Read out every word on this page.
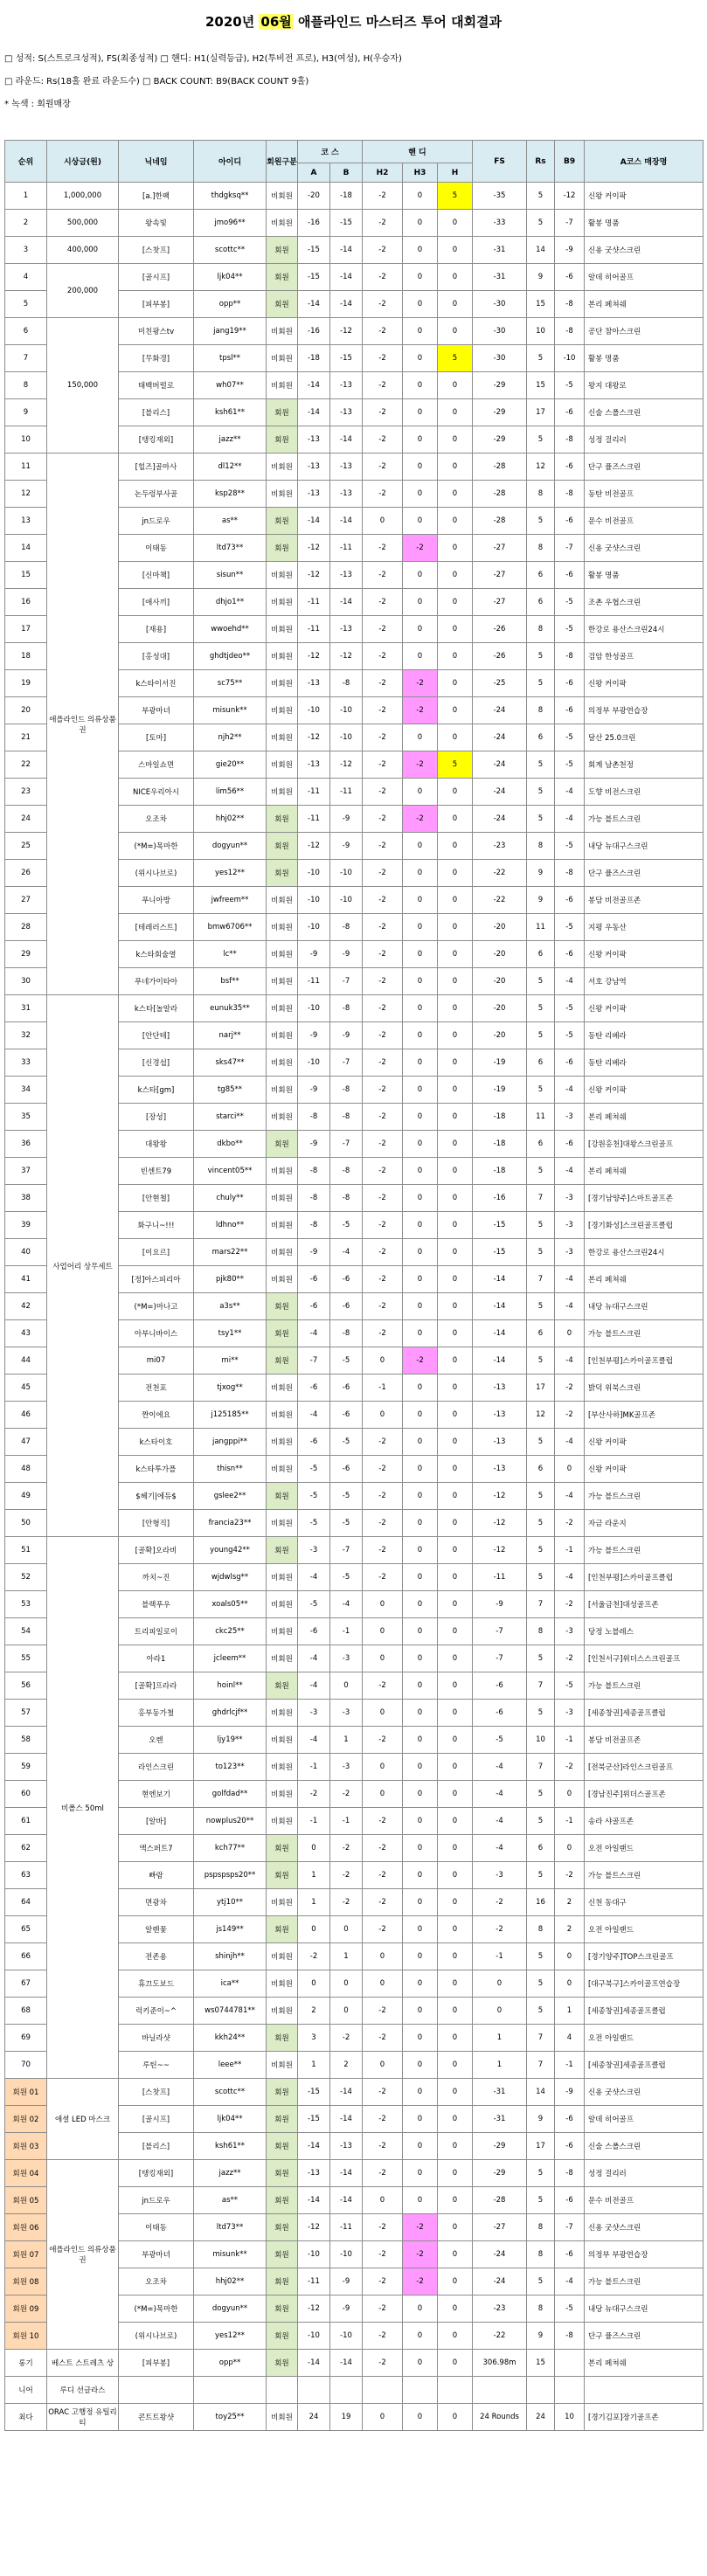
2020년 06월 애플라인드 마스터즈 투어 대회결과
□ 성적: S(스트로크성적), FS(최종성적) □ 핸디: H1(실력등급), H2(투비전 프로), H3(여성), H(우승자)
□ 라운드: Rs(18홀 완료 라운드수) □ BACK COUNT: B9(BACK COUNT 9홀)
* 녹색 : 회원매장
순위	시상금(원)	닉네임	아이디	회원구분	코 스		핸 디			FS	Rs	B9	A코스 매장명
					A	B	H2	H3	H				
1	1,000,000	[a.]한팩	thdgksq**	비회원	-20	-18	-2	0	5	-35	5	-12	신왕 커이팍
2	500,000	왕속빛	jmo96**	비회원	-16	-15	-2	0	0	-33	5	-7	활봉 명품
3	400,000	[스찻프]	scottc**	회원	-15	-14	-2	0	0	-31	14	-9	신용 굿샷스크린
4	200,000	[골시프]	ljk04**	회원	-15	-14	-2	0	0	-31	9	-6	알데 히어골프
5		[피부봉]	opp**	회원	-14	-14	-2	0	0	-30	15	-8	본리 페쳐쉐
6	150,000	미친팡스tv	jang19**	비회원	-16	-12	-2	0	0	-30	10	-8	공단 참아스크린
7		[무화경]	tpsl**	비회원	-18	-15	-2	0	5	-30	5	-10	활봉 명품
8		태백버럴로	wh07**	비회원	-14	-13	-2	0	0	-29	15	-5	왕지 대왕로
9		[블리스]	ksh61**	회원	-14	-13	-2	0	0	-29	17	-6	신술 스폴스크린
10		[탱킹재외]	jazz**	회원	-13	-14	-2	0	0	-29	5	-8	성정 걸리러
11	애플라인드 의류상품권	[힐즈]골마사	dl12**	비회원	-13	-13	-2	0	0	-28	12	-6	단구 퓰즈스크린
12		논두렁부사골	ksp28**	비회원	-13	-13	-2	0	0	-28	8	-8	동탄 비전골프
13		jn드로우	as**	회원	-14	-14	0	0	0	-28	5	-6	문수 비전골프
14		이태동	ltd73**	회원	-12	-11	-2	-2	0	-27	8	-7	신용 굿샷스크린
15		[신마책]	sisun**	비회원	-12	-13	-2	0	0	-27	6	-6	활봉 명품
16		[애사끼]	dhjo1**	비회원	-11	-14	-2	0	0	-27	6	-5	조촌 우협스크린
17		[재용]	wwoehd**	비회원	-11	-13	-2	0	0	-26	8	-5	한강로 용산스크린24시
18		[홍성대]	ghdtjdeo**	비회원	-12	-12	-2	0	0	-26	5	-8	검암 한성골프
19		k스타이서진	sc75**	비회원	-13	-8	-2	-2	0	-25	5	-6	신왕 커이팍
20		부광마녀	misunk**	비회원	-10	-10	-2	-2	0	-24	8	-6	의정부 부광연습장
21		[토마]	njh2**	비회원	-12	-10	-2	0	0	-24	6	-5	달산 25.0크린
22		스마일쇼면	gie20**	비회원	-13	-12	-2	-2	5	-24	5	-5	회계 남촌천정
23		NICE우리아시	lim56**	비회원	-11	-11	-2	0	0	-24	5	-4	도향 비전스크린
24		오조차	hhj02**	회원	-11	-9	-2	-2	0	-24	5	-4	가능 블트스크린
25		(*M=)목마한	dogyun**	회원	-12	-9	-2	0	0	-23	8	-5	내당 뉴대구스크린
26		(위시나브로)	yes12**	회원	-10	-10	-2	0	0	-22	9	-8	단구 퓰즈스크린
27		푸니아방	jwfreem**	비회원	-10	-10	-2	0	0	-22	9	-6	봉담 비전골프존
28		[테레러스트]	bmw6706**	비회원	-10	-8	-2	0	0	-20	11	-5	지평 우동산
29		k스타회술열	lc**	비회원	-9	-9	-2	0	0	-20	6	-6	신왕 커이팍
30		푸네가이타아	bsf**	비회원	-11	-7	-2	0	0	-20	5	-4	서호 강남역
31	사업어리 상무세트	k스타[놀알라	eunuk35**	비회원	-10	-8	-2	0	0	-20	5	-5	신왕 커이팍
32		[안단테]	narj**	비회원	-9	-9	-2	0	0	-20	5	-5	동탄 리베라
33		[신경섭]	sks47**	비회원	-10	-7	-2	0	0	-19	6	-6	동탄 리베라
34		k스타[gm]	tg85**	비회원	-9	-8	-2	0	0	-19	5	-4	신왕 커이팍
35		[장성]	starci**	비회원	-8	-8	-2	0	0	-18	11	-3	본리 페쳐쉐
36		대왕왕	dkbo**	회원	-9	-7	-2	0	0	-18	6	-6	[강원홍천]대왕스크린골프
37		빈센트79	vincent05**	비회원	-8	-8	-2	0	0	-18	5	-4	본리 페쳐쉐
38		[안현철]	chuly**	비회원	-8	-8	-2	0	0	-16	7	-3	[경기남양주]스마트골프존
39		화구니~!!!	ldhno**	비회원	-8	-5	-2	0	0	-15	5	-3	[경기화성]스크린골프클럽
40		[이요르]	mars22**	비회원	-9	-4	-2	0	0	-15	5	-3	한강로 용산스크린24시
41		[정]아스피리아	pjk80**	비회원	-6	-6	-2	0	0	-14	7	-4	본리 페쳐쉐
42		(*M=)마나고	a3s**	회원	-6	-6	-2	0	0	-14	5	-4	내당 뉴대구스크린
43		아부니바이스	tsy1**	회원	-4	-8	-2	0	0	-14	6	0	가능 블트스크린
44		mi07	mi**	회원	-7	-5	0	-2	0	-14	5	-4	[인천부평]스카이골프클럽
45		전천포	tjxog**	비회원	-6	-6	-1	0	0	-13	17	-2	밝덕 위북스크린
46		짠이에요	j125185**	비회원	-4	-6	0	0	0	-13	12	-2	[부산사하]MK골프존
47		k스타이호	jangppi**	비회원	-6	-5	-2	0	0	-13	5	-4	신왕 커이팍
48		k스타투가플	thisn**	비회원	-5	-6	-2	0	0	-13	6	0	신왕 커이팍
49		$헤기|에듀$	gslee2**	회원	-5	-5	-2	0	0	-12	5	-4	가능 블트스크린
50		[안형직]	francia23**	비회원	-5	-5	-2	0	0	-12	5	-2	자금 라운지
51	비폴스 50ml	[골확]오라비	young42**	회원	-3	-7	-2	0	0	-12	5	-1	가능 블트스크린
52		까치~진	wjdwlsg**	비회원	-4	-5	-2	0	0	-11	5	-4	[인천부평]스카이골프클럽
53		블랙푸우	xoals05**	비회원	-5	-4	0	0	0	-9	7	-2	[서울금천]대성골프존
54		트리피일로이	ckc25**	비회원	-6	-1	0	0	0	-7	8	-3	당정 노블레스
55		아라1	jcleem**	비회원	-4	-3	0	0	0	-7	5	-2	[인천서구]위더스스크린골프
56		[골확]프라라	hoinl**	회원	-4	0	-2	0	0	-6	7	-5	가능 블트스크린
57		홍부동가철	ghdrlcjf**	비회원	-3	-3	0	0	0	-6	5	-3	[세종창권]세종골프클럽
58		오렌	ljy19**	비회원	-4	1	-2	0	0	-5	10	-1	봉담 비전골프존
59		라인스크린	to123**	비회원	-1	-3	0	0	0	-4	7	-2	[전북군산]라인스크린골프
60		현엔보기	golfdad**	비회원	-2	-2	0	0	0	-4	5	0	[경남진주]위더스골프존
61		[알바]	nowplus20**	비회원	-1	-1	-2	0	0	-4	5	-1	송라 샤골프존
62		액스퍼트7	kch77**	회원	0	-2	-2	0	0	-4	6	0	오전 아일랜드
63		빠람	pspspsps20**	회원	1	-2	-2	0	0	-3	5	-2	가능 블트스크린
64		면광차	ytj10**	비회원	1	-2	-2	0	0	-2	16	2	신천 동대구
65		알렌꽃	js149**	회원	0	0	-2	0	0	-2	8	2	오전 아일랜드
66		전존용	shinjh**	비회원	-2	1	0	0	0	-1	5	0	[경기양주]TOP스크린골프
67		휴끄도보드	ica**	비회원	0	0	0	0	0	0	5	0	[대구북구]스카이골프연습장
68		럭키준이~^	ws0744781**	비회원	2	0	-2	0	0	0	5	1	[세종창권]세종골프클럽
69		바닐라샷	kkh24**	회원	3	-2	-2	0	0	1	7	4	오전 아일랜드
70		루틴~~	leee**	비회원	1	2	0	0	0	1	7	-1	[세종창권]세종골프클럽
회원 01	애셜 LED 마스크	[스찻프]	scottc**	회원	-15	-14	-2	0	0	-31	14	-9	신용 굿샷스크린
회원 02		[골시프]	ljk04**	회원	-15	-14	-2	0	0	-31	9	-6	알데 히어골프
회원 03		[블리스]	ksh61**	회원	-14	-13	-2	0	0	-29	17	-6	신술 스폴스크린
회원 04	애플라인드 의류상품권	[탱킹재외]	jazz**	회원	-13	-14	-2	0	0	-29	5	-8	성정 걸리러
회원 05		jn드로우	as**	회원	-14	-14	0	0	0	-28	5	-6	문수 비전골프
회원 06		이태동	ltd73**	회원	-12	-11	-2	-2	0	-27	8	-7	신용 굿샷스크린
회원 07		부광마녀	misunk**	회원	-10	-10	-2	-2	0	-24	8	-6	의정부 부광연습장
회원 08		오조차	hhj02**	회원	-11	-9	-2	-2	0	-24	5	-4	가능 블트스크린
회원 09		(*M=)목마한	dogyun**	회원	-12	-9	-2	0	0	-23	8	-5	내당 뉴대구스크린
회원 10		(위시나브로)	yes12**	회원	-10	-10	-2	0	0	-22	9	-8	단구 퓰즈스크린
롱기	베스트 스트레츠 상	[피부봉]	opp**	회원	-14	-14	-2	0	0	306.98m	15		본리 페쳐쉐
니어	루디 선글라스												
최다	ORAC 고행정 유틸리티	콘트트왕샷	toy25**	비회원	24	19	0	0	0	24 Rounds	24	10	[경기김포]장기골프존
